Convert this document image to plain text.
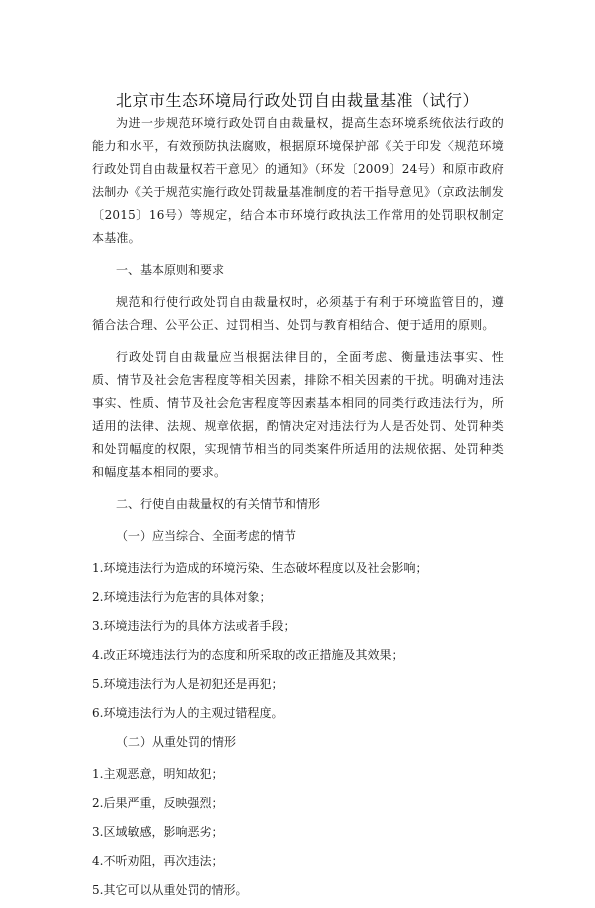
北京市生态环境局行政处罚自由裁量基准（试行）

为进一步规范环境行政处罚自由裁量权，提高生态环境系统依法行政的能力和水平，有效预防执法腐败，根据原环境保护部《关于印发〈规范环境行政处罚自由裁量权若干意见〉的通知》（环发〔2009〕24号）和原市政府法制办《关于规范实施行政处罚裁量基准制度的若干指导意见》（京政法制发〔2015〕16号）等规定，结合本市环境行政执法工作常用的处罚职权制定本基准。

一、基本原则和要求

规范和行使行政处罚自由裁量权时，必须基于有利于环境监管目的，遵循合法合理、公平公正、过罚相当、处罚与教育相结合、便于适用的原则。

行政处罚自由裁量应当根据法律目的，全面考虑、衡量违法事实、性质、情节及社会危害程度等相关因素，排除不相关因素的干扰。明确对违法事实、性质、情节及社会危害程度等因素基本相同的同类行政违法行为，所适用的法律、法规、规章依据，酌情决定对违法行为人是否处罚、处罚种类和处罚幅度的权限，实现情节相当的同类案件所适用的法规依据、处罚种类和幅度基本相同的要求。

二、行使自由裁量权的有关情节和情形

（一）应当综合、全面考虑的情节

1.环境违法行为造成的环境污染、生态破坏程度以及社会影响；

2.环境违法行为危害的具体对象；

3.环境违法行为的具体方法或者手段；

4.改正环境违法行为的态度和所采取的改正措施及其效果；

5.环境违法行为人是初犯还是再犯；

6.环境违法行为人的主观过错程度。

（二）从重处罚的情形

1.主观恶意，明知故犯；

2.后果严重，反映强烈；

3.区域敏感，影响恶劣；

4.不听劝阻，再次违法；

5.其它可以从重处罚的情形。
